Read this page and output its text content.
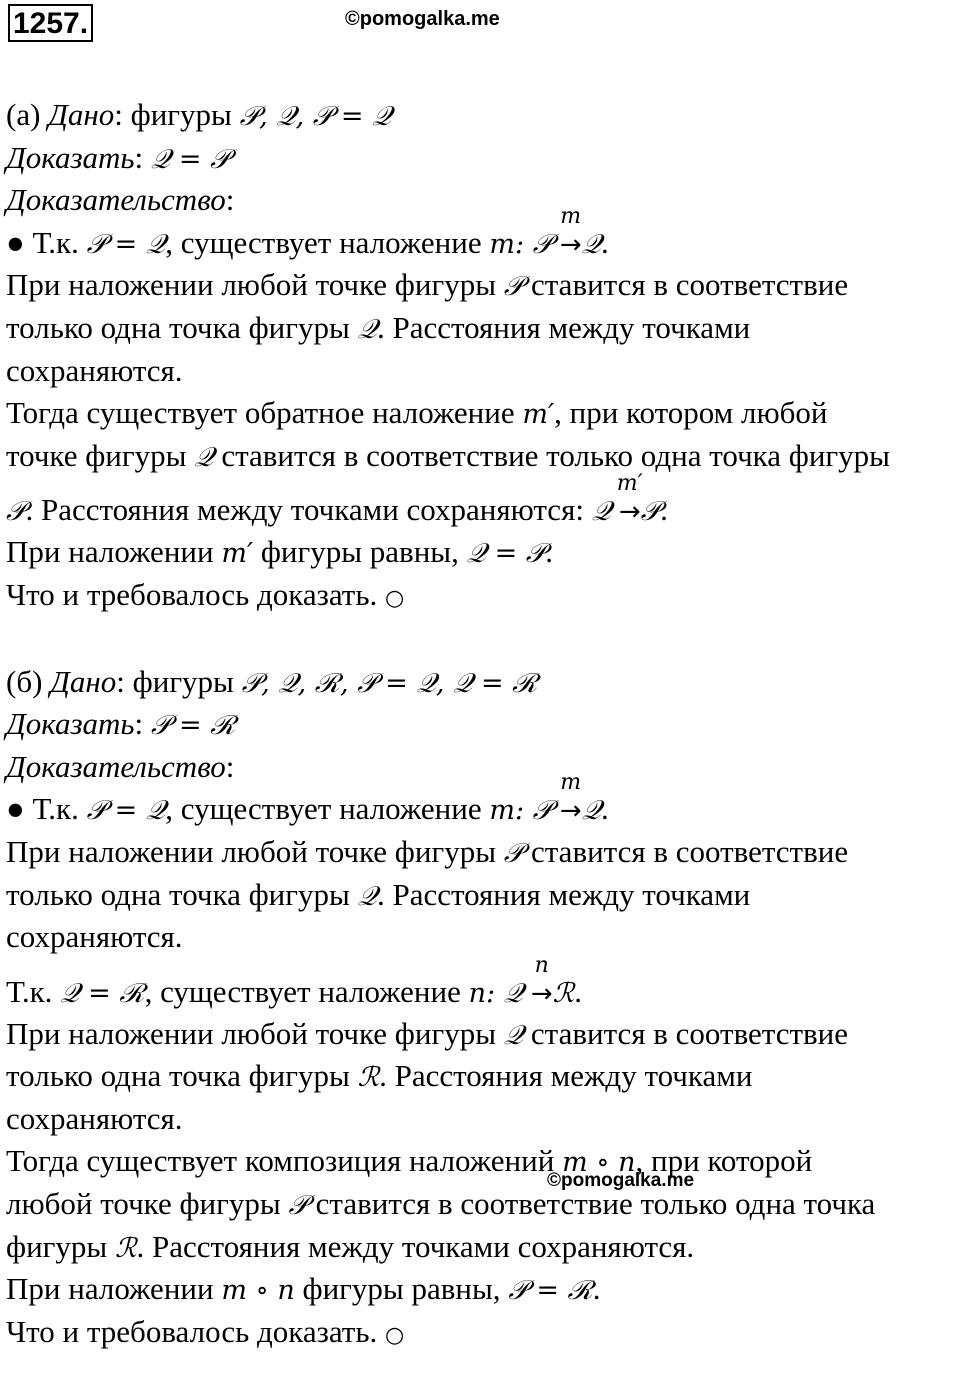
1257.	©pomogalka.me
(а) Дано: фигуры 𝒫, 𝒬, 𝒫 = 𝒬
Доказать: 𝒬 = 𝒫
Доказательство:
● Т.к. 𝒫 = 𝒬, существует наложение m: 𝒫
m
→𝒬.
При наложении любой точке фигуры 𝒫 ставится в соответствие
только одна точка фигуры 𝒬. Расстояния между точками
сохраняются.
Тогда существует обратное наложение m′, при котором любой
точке фигуры 𝒬 ставится в соответствие только одна точка фигуры
𝒫. Расстояния между точками сохраняются: 𝒬
m′
→𝒫.
При наложении m′ фигуры равны, 𝒬 = 𝒫.
Что и требовалось доказать. ○
(б) Дано: фигуры 𝒫, 𝒬, ℛ, 𝒫 = 𝒬, 𝒬 = ℛ
Доказать: 𝒫 = ℛ
Доказательство:
● Т.к. 𝒫 = 𝒬, существует наложение m: 𝒫
m
→𝒬.
При наложении любой точке фигуры 𝒫 ставится в соответствие
только одна точка фигуры 𝒬. Расстояния между точками
сохраняются.
Т.к. 𝒬 = ℛ, существует наложение n: 𝒬
n
→ℛ.
При наложении любой точке фигуры 𝒬 ставится в соответствие
только одна точка фигуры ℛ. Расстояния между точками
сохраняются.
Тогда существует композиция наложений m ∘ n, при которой
любой точке фигуры 𝒫 ставится в соответствие только одна точка
фигуры ℛ. Расстояния между точками сохраняются.
При наложении m ∘ n фигуры равны, 𝒫 = ℛ.
Что и требовалось доказать. ○
©pomogalka.me
